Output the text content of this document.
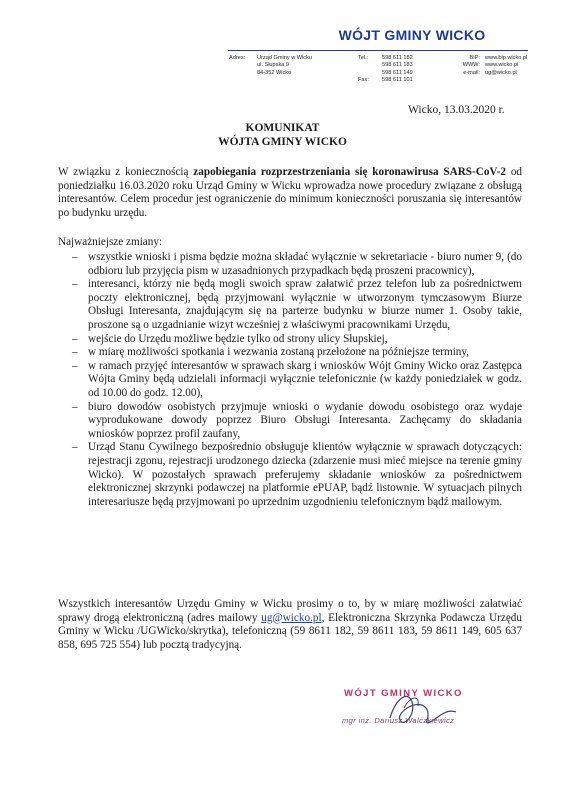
WÓJT GMINY WICKO
Adres: Urząd Gminy w Wicku
ul. Słupska 9
84-352 Wicko
Tel.:

Fax:
598 611 182
598 611 183
598 611 149
598 611 101
BIP:
WWW:
e-mail:
www.bip.wicko.pl
www.wicko.pl
ug@wicko.pl
Wicko, 13.03.2020 r.
KOMUNIKAT
WÓJTA GMINY WICKO
W związku z koniecznością zapobiegania rozprzestrzeniania się koronawirusa SARS-CoV-2 od poniedziałku 16.03.2020 roku Urząd Gminy w Wicku wprowadza nowe procedury związane z obsługą interesantów. Celem procedur jest ograniczenie do minimum konieczności poruszania się interesantów po budynku urzędu.
Najważniejsze zmiany:
– wszystkie wnioski i pisma będzie można składać wyłącznie w sekretariacie - biuro numer 9, (do odbioru lub przyjęcia pism w uzasadnionych przypadkach będą proszeni pracownicy),
– interesanci, którzy nie będą mogli swoich spraw załatwić przez telefon lub za pośrednictwem poczty elektronicznej, będą przyjmowani wyłącznie w utworzonym tymczasowym Biurze Obsługi Interesanta, znajdującym się na parterze budynku w biurze numer 1. Osoby takie, proszone są o uzgadnianie wizyt wcześniej z właściwymi pracownikami Urzędu,
– wejście do Urzędu możliwe będzie tylko od strony ulicy Słupskiej,
– w miarę możliwości spotkania i wezwania zostaną przełożone na późniejsze terminy,
– w ramach przyjęć interesantów w sprawach skarg i wniosków Wójt Gminy Wicko oraz Zastępca Wójta Gminy będą udzielali informacji wyłącznie telefonicznie (w każdy poniedziałek w godz. od 10.00 do godz. 12.00),
– biuro dowodów osobistych przyjmuje wnioski o wydanie dowodu osobistego oraz wydaje wyprodukowane dowody poprzez Biuro Obsługi Interesanta. Zachęcamy do składania wniosków poprzez profil zaufany,
– Urząd Stanu Cywilnego bezpośrednio obsługuje klientów wyłącznie w sprawach dotyczących: rejestracji zgonu, rejestracji urodzonego dziecka (zdarzenie musi mieć miejsce na terenie gminy Wicko). W pozostałych sprawach preferujemy składanie wniosków za pośrednictwem elektronicznej skrzynki podawczej na platformie ePUAP, bądź listownie. W sytuacjach pilnych interesariusze będą przyjmowani po uprzednim uzgodnieniu telefonicznym bądź mailowym.
Wszystkich interesantów Urzędu Gminy w Wicku prosimy o to, by w miarę możliwości załatwiać sprawy drogą elektroniczną (adres mailowy ug@wicko.pl, Elektroniczna Skrzynka Podawcza Urzędu Gminy w Wicku /UGWicko/skrytka), telefoniczną (59 8611 182, 59 8611 183, 59 8611 149, 605 637 858, 695 725 554) lub pocztą tradycyjną.
WÓJT GMINY WICKO
mgr inż. Dariusz Walczkiewicz
